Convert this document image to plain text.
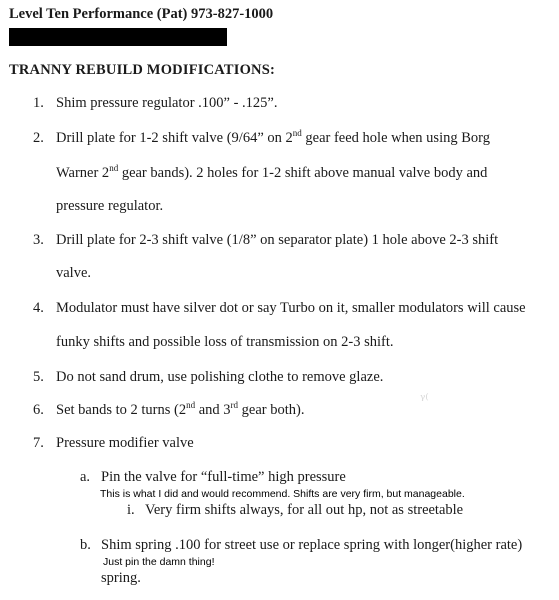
Level Ten Performance (Pat) 973-827-1000
TRANNY REBUILD MODIFICATIONS:
1. Shim pressure regulator .100” - .125”.
2. Drill plate for 1-2 shift valve (9/64” on 2nd gear feed hole when using Borg
Warner 2nd gear bands). 2 holes for 1-2 shift above manual valve body and
pressure regulator.
3. Drill plate for 2-3 shift valve (1/8” on separator plate) 1 hole above 2-3 shift
valve.
4. Modulator must have silver dot or say Turbo on it, smaller modulators will cause
funky shifts and possible loss of transmission on 2-3 shift.
5. Do not sand drum, use polishing clothe to remove glaze.
6. Set bands to 2 turns (2nd and 3rd gear both).
ᵞ⁽
7. Pressure modifier valve
a. Pin the valve for “full-time” high pressure
This is what I did and would recommend. Shifts are very firm, but manageable.
i. Very firm shifts always, for all out hp, not as streetable
b. Shim spring .100 for street use or replace spring with longer(higher rate)
Just pin the damn thing!
spring.
